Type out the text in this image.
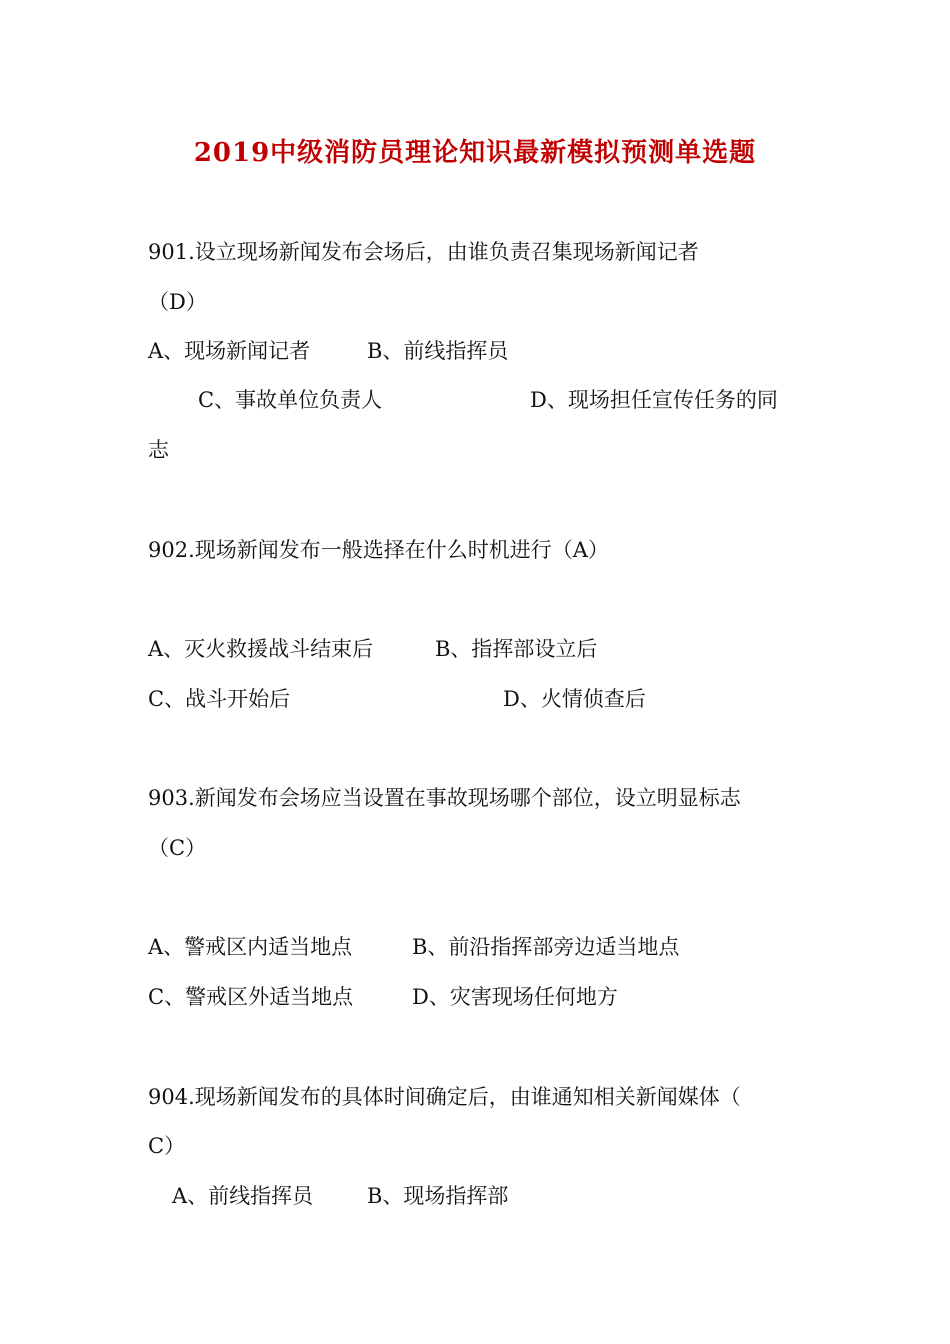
2019中级消防员理论知识最新模拟预测单选题
901.设立现场新闻发布会场后，由谁负责召集现场新闻记者
（D）
A、现场新闻记者	B、前线指挥员
C、事故单位负责人	D、现场担任宣传任务的同
志
902.现场新闻发布一般选择在什么时机进行（A）
A、灭火救援战斗结束后	B、指挥部设立后
C、战斗开始后	D、火情侦查后
903.新闻发布会场应当设置在事故现场哪个部位，设立明显标志
（C）
A、警戒区内适当地点	B、前沿指挥部旁边适当地点
C、警戒区外适当地点	D、灾害现场任何地方
904.现场新闻发布的具体时间确定后，由谁通知相关新闻媒体（
C）
A、前线指挥员	B、现场指挥部
